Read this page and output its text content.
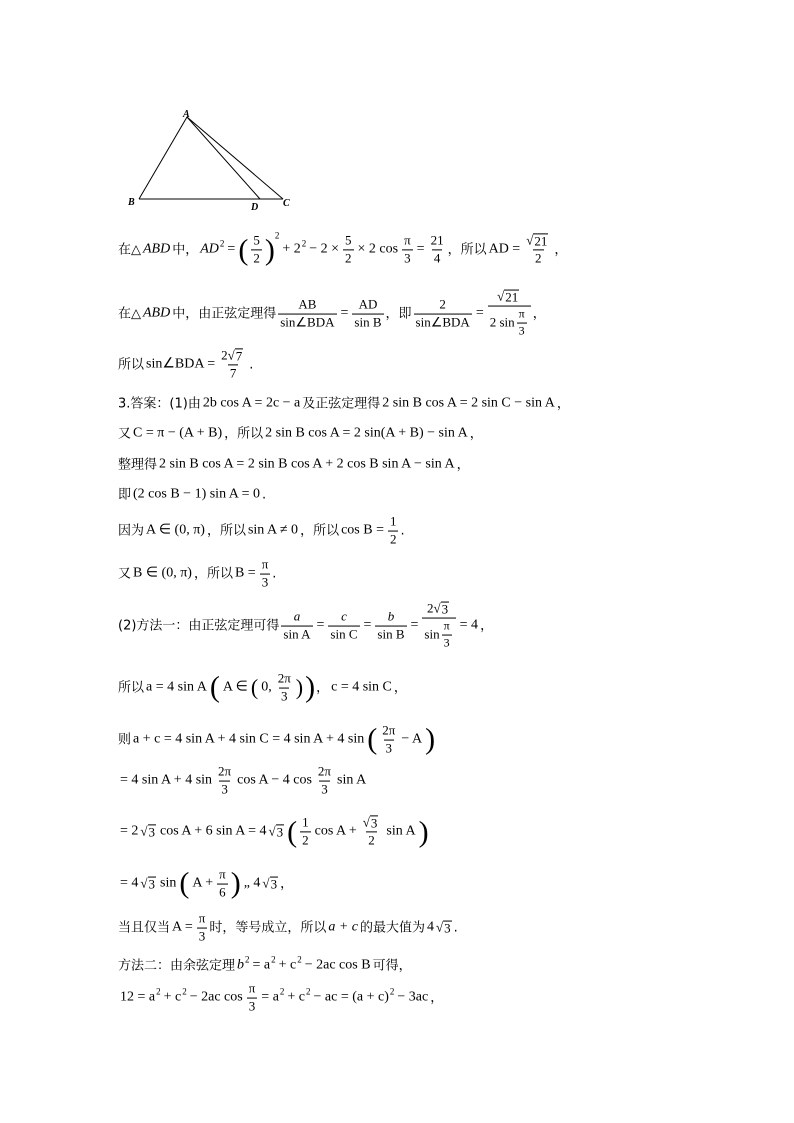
A
B	D C
在△ ABD 中， AD 2 = ( $\frac{5}{2}$ ) 2
+ 2 $2 - 2 \times \frac{5}{2} \times 2$ $\cos \frac{\pi}{3} = \frac{21}{4}$ ，所以 AD = $\frac{√ 21}{2}$ ，
在△ ABD 中，由正弦定理得 $\frac{AB}{\text{sin∠BDA}} = \frac{AD}{\text{sin B}}$ ，即 $\frac{2}{\text{sin∠BDA}} = \frac{√ 21}{2 \sin \frac{\pi}{3}}$ ，
所以 sin∠BDA = $\frac{2 √ 7}{7}$ .
3.答案：(1)由 2b cos A = 2c − a 及正弦定理得 2 sin B cos A = 2 sin C − sin A ，
又 C = π − (A + B) ，所以 2 sin B cos A = 2 sin(A + B) − sin A ，
整理得 2 sin B cos A = 2 sin B cos A + 2 cos B sin A − sin A ，
即 (2 cos B − 1) sin A = 0 .
因为 A ∈ (0, π) ，所以 sin A ≠ 0 ，所以 $\cos B = \frac{1}{2}$ .
又 B ∈ (0, π) ，所以 $B = \frac{\pi}{3}$ .
(2)方法一：由正弦定理可得 $\frac{a}{\text{sin A}} = \frac{c}{\text{sin C}} = \frac{b}{\text{sin B}} = \frac{2 √ 3}{\sin \frac{\pi}{3}} = 4$ ，
所以 a = 4 sin A ( A ∈ ( 0, $\frac{2\pi}{3}$ ) ) ， c = 4 sin C ，
则 a + c = 4 sin A + 4 sin C = 4 sin A + 4 sin ( $\frac{2\pi}{3} - A$ )
= 4 sin A + 4 $\sin \frac{2\pi}{3}$ cos A − 4 $\cos \frac{2\pi}{3}$ sin A
= 2 √ 3 cos A + 6 sin A = 4 √ 3 ( $\frac{1}{2}$ $\cos A + \frac{√ 3}{2}$ sin A )
= 4 √ 3 sin ( $A + \frac{\pi}{6}$ ) „ 4 √ 3 ，
当且仅当 $A = \frac{\pi}{3}$ 时，等号成立，所以 a + c 的最大值为 4 √ 3 .
方法二：由余弦定理 b 2 = a 2 + c 2 − 2ac cos B 可得，
12 = a 2 + c 2 − 2ac $\cos \frac{\pi}{3} = a$ 2 + c 2 − ac = (a + c) 2 − 3ac ，
